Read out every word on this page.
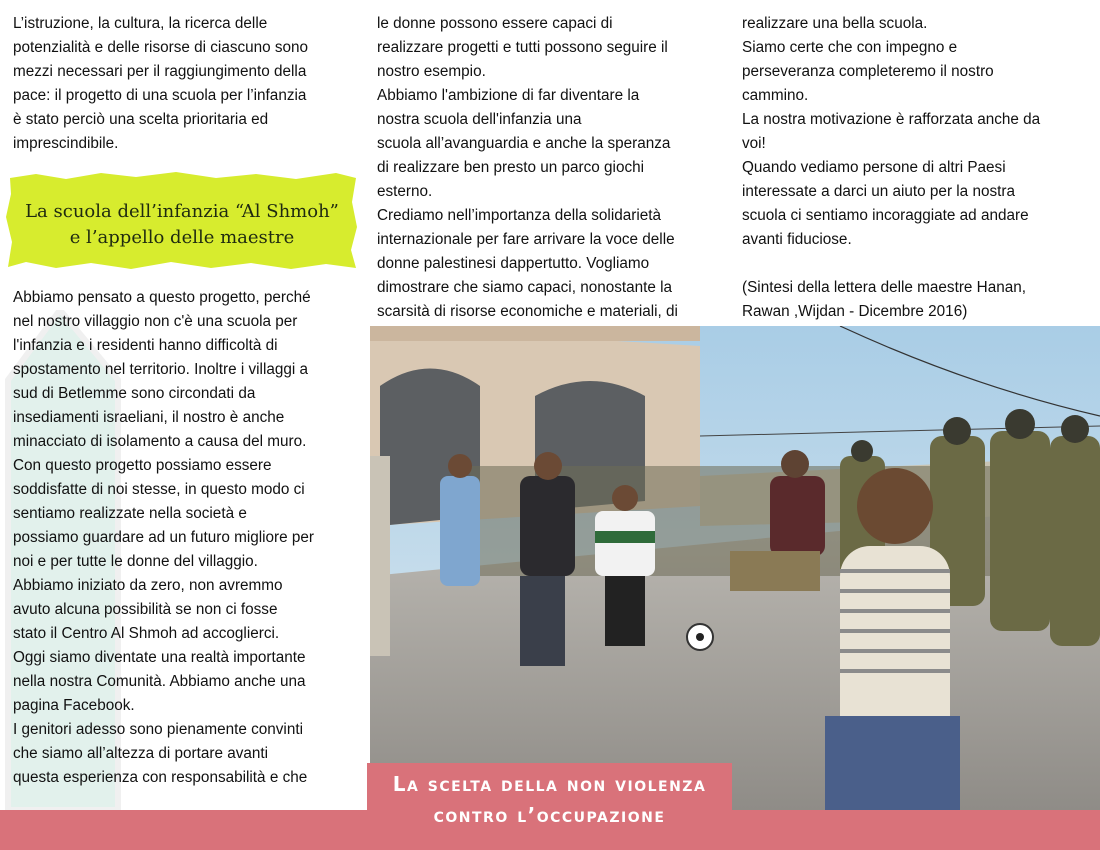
L’istruzione, la cultura, la ricerca delle
potenzialità e delle risorse di ciascuno sono
mezzi necessari per il raggiungimento della
pace: il progetto di una scuola per l’infanzia
è stato perciò una scelta prioritaria ed
imprescindibile.
La scuola dell’infanzia “Al Shmoh”
e l’appello delle maestre
Abbiamo pensato a questo progetto, perché
nel nostro villaggio non c'è una scuola per
l'infanzia e i residenti hanno difficoltà di
spostamento nel territorio. Inoltre i villaggi a
sud di Betlemme sono circondati da
insediamenti israeliani, il nostro è anche
minacciato di isolamento a causa del muro.
Con questo progetto possiamo essere
soddisfatte di noi stesse, in questo modo ci
sentiamo realizzate nella società e
possiamo guardare ad un futuro migliore per
noi e per tutte le donne del villaggio.
Abbiamo iniziato da zero, non avremmo
avuto alcuna possibilità se non ci fosse
stato il Centro Al Shmoh ad accoglierci.
Oggi siamo diventate una realtà importante
nella nostra Comunità. Abbiamo anche una
pagina Facebook.
I genitori adesso sono pienamente convinti
che siamo all’altezza di portare avanti
questa esperienza con responsabilità e che
le donne possono essere capaci di
realizzare progetti e tutti possono seguire il
nostro esempio.
Abbiamo l'ambizione di far diventare la
nostra scuola dell'infanzia una
scuola all’avanguardia e anche la speranza
di realizzare ben presto un parco giochi
esterno.
Crediamo nell’importanza della solidarietà
internazionale per fare arrivare la voce delle
donne palestinesi dappertutto. Vogliamo
dimostrare che siamo capaci, nonostante la
scarsità di risorse economiche e materiali, di
realizzare una bella scuola.
Siamo certe che con impegno e
perseveranza completeremo il nostro
cammino.
La nostra motivazione è rafforzata anche da
voi!
Quando vediamo persone di altri Paesi
interessate a darci un aiuto per la nostra
scuola ci sentiamo incoraggiate ad andare
avanti fiduciose.

(Sintesi della lettera delle maestre Hanan,
Rawan ,Wijdan - Dicembre 2016)
La scelta della non violenza
contro l’occupazione
